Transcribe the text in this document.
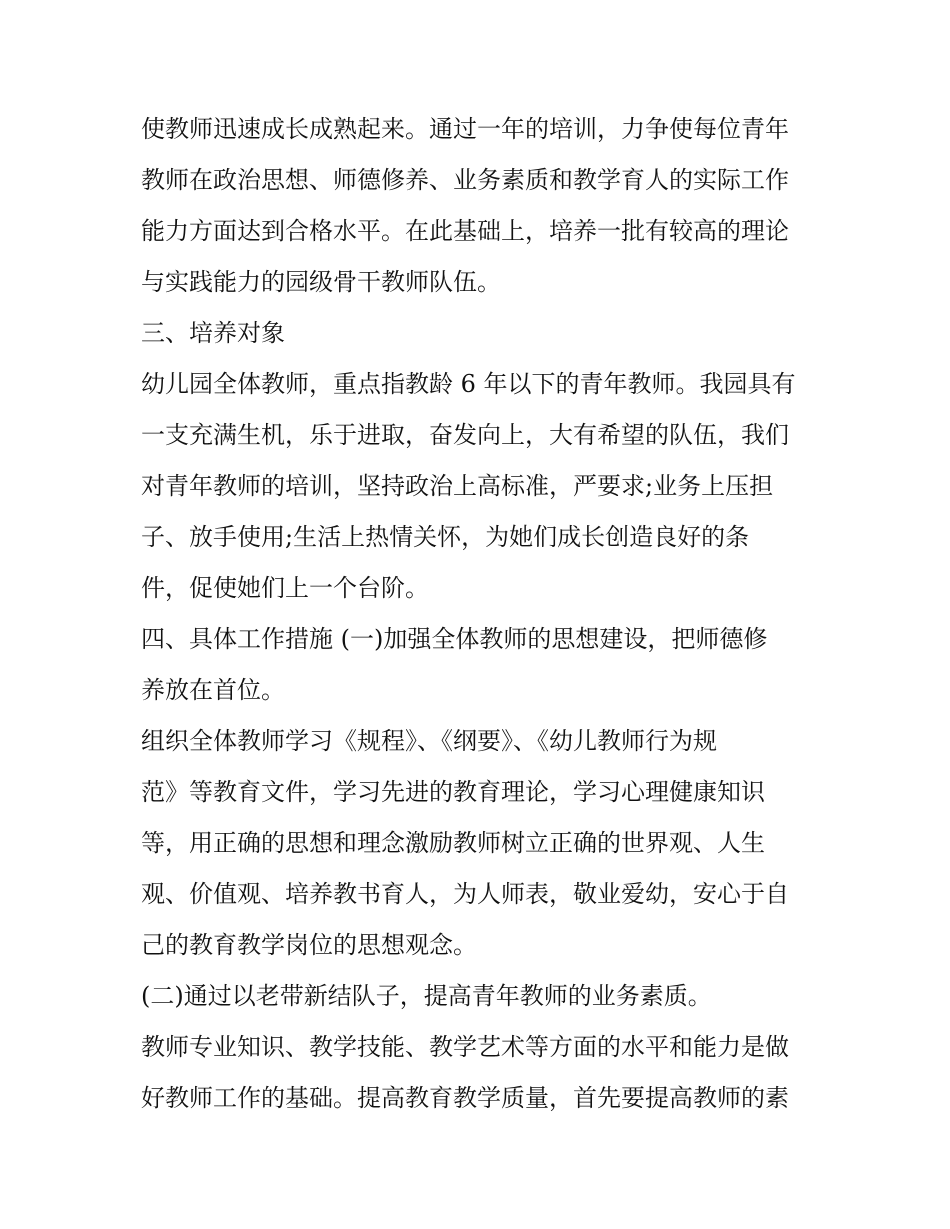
使教师迅速成长成熟起来。通过一年的培训，力争使每位青年

教师在政治思想、师德修养、业务素质和教学育人的实际工作

能力方面达到合格水平。在此基础上，培养一批有较高的理论

与实践能力的园级骨干教师队伍。

三、培养对象

幼儿园全体教师，重点指教龄 6 年以下的青年教师。我园具有

一支充满生机，乐于进取，奋发向上，大有希望的队伍，我们

对青年教师的培训，坚持政治上高标准，严要求;业务上压担

子、放手使用;生活上热情关怀，为她们成长创造良好的条

件，促使她们上一个台阶。

四、具体工作措施 (一)加强全体教师的思想建设，把师德修

养放在首位。

组织全体教师学习《规程》、《纲要》、《幼儿教师行为规

范》等教育文件，学习先进的教育理论，学习心理健康知识

等，用正确的思想和理念激励教师树立正确的世界观、人生

观、价值观、培养教书育人，为人师表，敬业爱幼，安心于自

己的教育教学岗位的思想观念。

(二)通过以老带新结队子，提高青年教师的业务素质。

教师专业知识、教学技能、教学艺术等方面的水平和能力是做

好教师工作的基础。提高教育教学质量，首先要提高教师的素
